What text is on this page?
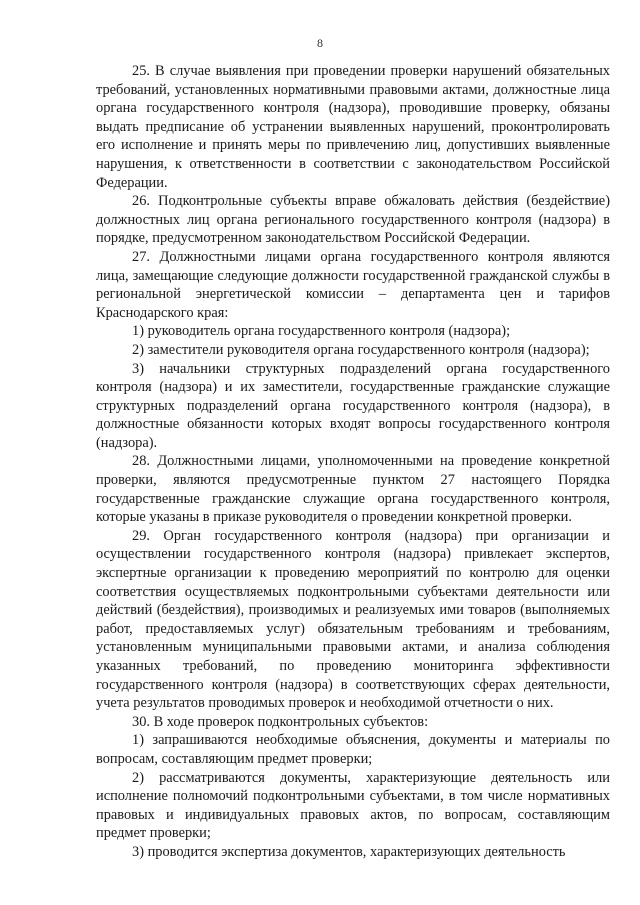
8

25. В случае выявления при проведении проверки нарушений обязательных требований, установленных нормативными правовыми актами, должностные лица органа государственного контроля (надзора), проводившие проверку, обязаны выдать предписание об устранении выявленных нарушений, проконтролировать его исполнение и принять меры по привлечению лиц, допустивших выявленные нарушения, к ответственности в соответствии с законодательством Российской Федерации.

26. Подконтрольные субъекты вправе обжаловать действия (бездействие) должностных лиц органа регионального государственного контроля (надзора) в порядке, предусмотренном законодательством Российской Федерации.

27. Должностными лицами органа государственного контроля являются лица, замещающие следующие должности государственной гражданской службы в региональной энергетической комиссии – департамента цен и тарифов Краснодарского края:

1) руководитель органа государственного контроля (надзора);

2) заместители руководителя органа государственного контроля (надзора);

3) начальники структурных подразделений органа государственного контроля (надзора) и их заместители, государственные гражданские служащие структурных подразделений органа государственного контроля (надзора), в должностные обязанности которых входят вопросы государственного контроля (надзора).

28. Должностными лицами, уполномоченными на проведение конкретной проверки, являются предусмотренные пунктом 27 настоящего Порядка государственные гражданские служащие органа государственного контроля, которые указаны в приказе руководителя о проведении конкретной проверки.

29. Орган государственного контроля (надзора) при организации и осуществлении государственного контроля (надзора) привлекает экспертов, экспертные организации к проведению мероприятий по контролю для оценки соответствия осуществляемых подконтрольными субъектами деятельности или действий (бездействия), производимых и реализуемых ими товаров (выполняемых работ, предоставляемых услуг) обязательным требованиям и требованиям, установленным муниципальными правовыми актами, и анализа соблюдения указанных требований, по проведению мониторинга эффективности государственного контроля (надзора) в соответствующих сферах деятельности, учета результатов проводимых проверок и необходимой отчетности о них.

30. В ходе проверок подконтрольных субъектов:

1) запрашиваются необходимые объяснения, документы и материалы по вопросам, составляющим предмет проверки;

2) рассматриваются документы, характеризующие деятельность или исполнение полномочий подконтрольными субъектами, в том числе нормативных правовых и индивидуальных правовых актов, по вопросам, составляющим предмет проверки;

3) проводится экспертиза документов, характеризующих деятельность
